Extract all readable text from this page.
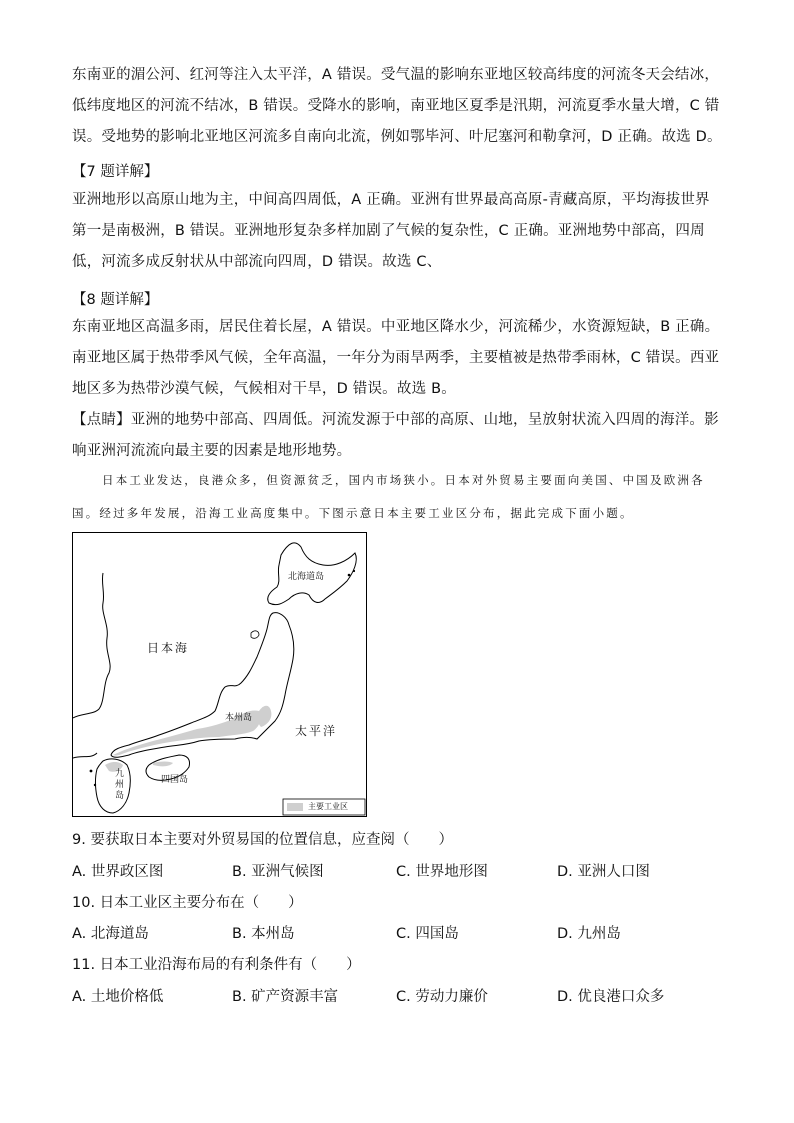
东南亚的湄公河、红河等注入太平洋，A 错误。受气温的影响东亚地区较高纬度的河流冬天会结冰，低纬度地区的河流不结冰，B 错误。受降水的影响，南亚地区夏季是汛期，河流夏季水量大增，C 错误。受地势的影响北亚地区河流多自南向北流，例如鄂毕河、叶尼塞河和勒拿河，D 正确。故选 D。

【7 题详解】

亚洲地形以高原山地为主，中间高四周低，A 正确。亚洲有世界最高高原-青藏高原，平均海拔世界第一是南极洲，B 错误。亚洲地形复杂多样加剧了气候的复杂性，C 正确。亚洲地势中部高，四周低，河流多成反射状从中部流向四周，D 错误。故选 C、

【8 题详解】

东南亚地区高温多雨，居民住着长屋，A 错误。中亚地区降水少，河流稀少，水资源短缺，B 正确。南亚地区属于热带季风气候，全年高温，一年分为雨旱两季，主要植被是热带季雨林，C 错误。西亚地区多为热带沙漠气候，气候相对干旱，D 错误。故选 B。

【点睛】亚洲的地势中部高、四周低。河流发源于中部的高原、山地，呈放射状流入四周的海洋。影响亚洲河流流向最主要的因素是地形地势。

日本工业发达，良港众多，但资源贫乏，国内市场狭小。日本对外贸易主要面向美国、中国及欧洲各国。经过多年发展，沿海工业高度集中。下图示意日本主要工业区分布，据此完成下面小题。

北海道岛
日本海
本州岛
太平洋
四国岛
九州岛
主要工业区

9. 要获取日本主要对外贸易国的位置信息，应查阅（　　）

A. 世界政区图	B. 亚洲气候图	C. 世界地形图	D. 亚洲人口图

10. 日本工业区主要分布在（　　）

A. 北海道岛	B. 本州岛	C. 四国岛	D. 九州岛

11. 日本工业沿海布局的有利条件有（　　）

A. 土地价格低	B. 矿产资源丰富	C. 劳动力廉价	D. 优良港口众多
